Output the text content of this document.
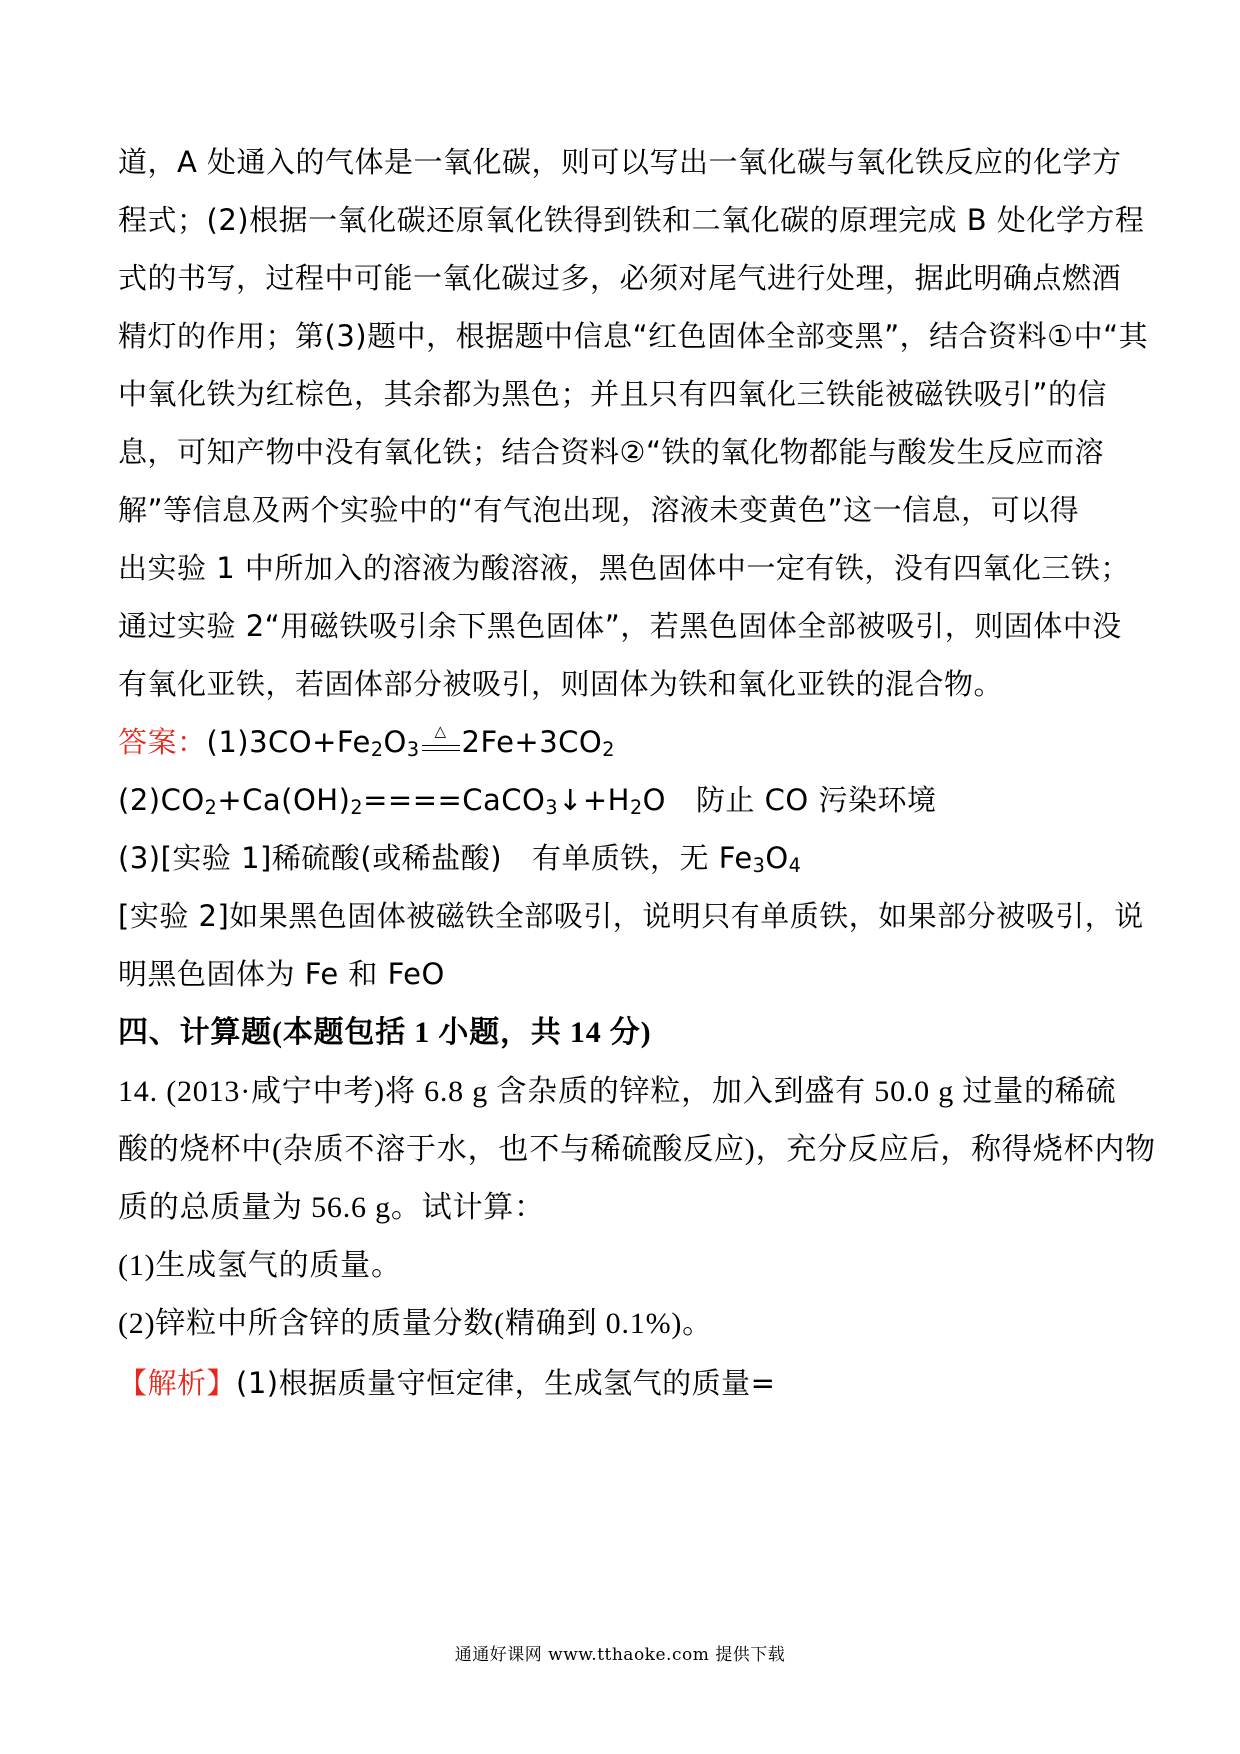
道，A 处通入的气体是一氧化碳，则可以写出一氧化碳与氧化铁反应的化学方
程式；(2)根据一氧化碳还原氧化铁得到铁和二氧化碳的原理完成 B 处化学方程
式的书写，过程中可能一氧化碳过多，必须对尾气进行处理，据此明确点燃酒
精灯的作用；第(3)题中，根据题中信息“红色固体全部变黑”，结合资料①中“其
中氧化铁为红棕色，其余都为黑色；并且只有四氧化三铁能被磁铁吸引”的信
息，可知产物中没有氧化铁；结合资料②“铁的氧化物都能与酸发生反应而溶
解”等信息及两个实验中的“有气泡出现，溶液未变黄色”这一信息，可以得
出实验 1 中所加入的溶液为酸溶液，黑色固体中一定有铁，没有四氧化三铁；
通过实验 2“用磁铁吸引余下黑色固体”，若黑色固体全部被吸引，则固体中没
有氧化亚铁，若固体部分被吸引，则固体为铁和氧化亚铁的混合物。
答案：$(1)3CO+Fe_2O_3$
△ $2Fe+3CO_2$
$(2)CO_2+Ca(OH)_2====CaCO_3↓+H_2O$ 防止 CO 污染环境
(3)[实验 1]稀硫酸(或稀盐酸) 有单质铁，无 $Fe_3O_4$
[实验 2]如果黑色固体被磁铁全部吸引，说明只有单质铁，如果部分被吸引，说
明黑色固体为 Fe 和 FeO
四、计算题(本题包括 1 小题，共 14 分)
14. (2013·咸宁中考)将 6.8 g 含杂质的锌粒，加入到盛有 50.0 g 过量的稀硫
酸的烧杯中(杂质不溶于水，也不与稀硫酸反应)，充分反应后，称得烧杯内物
质的总质量为 56.6 g。试计算：
(1)生成氢气的质量。
(2)锌粒中所含锌的质量分数(精确到 0.1%)。
【解析】(1)根据质量守恒定律，生成氢气的质量=
通通好课网 www.tthaoke.com 提供下载
